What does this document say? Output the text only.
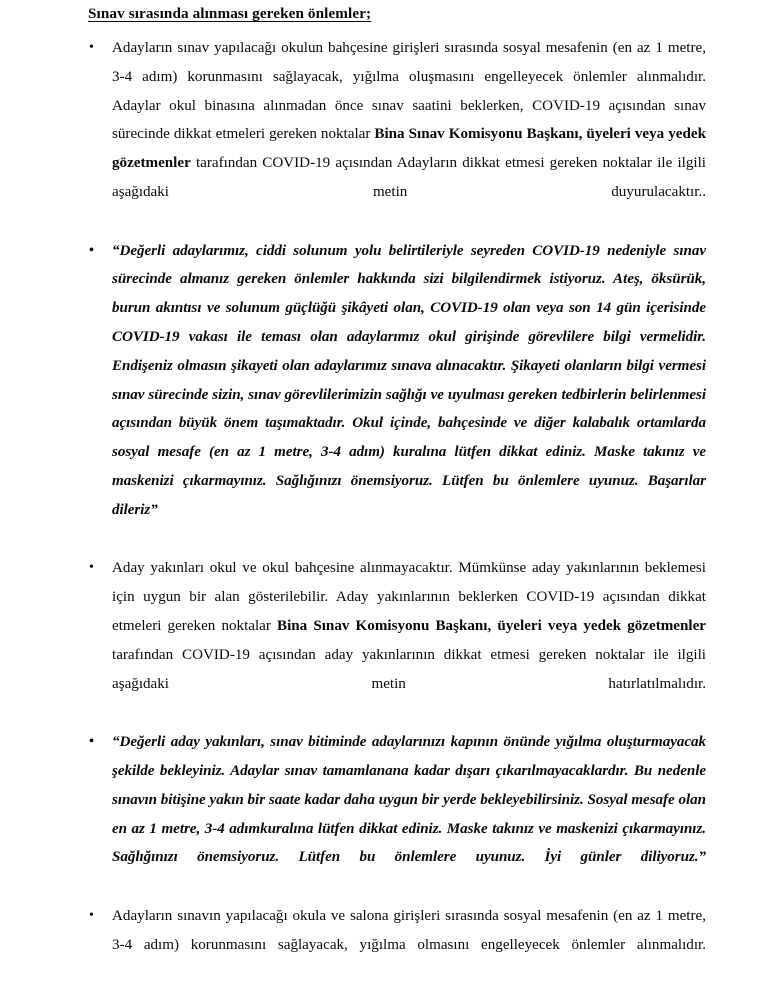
Sınav sırasında alınması gereken önlemler;
• Adayların sınav yapılacağı okulun bahçesine girişleri sırasında sosyal mesafenin (en az 1 metre, 3-4 adım) korunmasını sağlayacak, yığılma oluşmasını engelleyecek önlemler alınmalıdır. Adaylar okul binasına alınmadan önce sınav saatini beklerken, COVID-19 açısından sınav sürecinde dikkat etmeleri gereken noktalar Bina Sınav Komisyonu Başkanı, üyeleri veya yedek gözetmenler tarafından COVID-19 açısından Adayların dikkat etmesi gereken noktalar ile ilgili aşağıdaki metin duyurulacaktır..
• “Değerli adaylarımız, ciddi solunum yolu belirtileriyle seyreden COVID-19 nedeniyle sınav sürecinde almanız gereken önlemler hakkında sizi bilgilendirmek istiyoruz. Ateş, öksürük, burun akıntısı ve solunum güçlüğü şikâyeti olan, COVID-19 olan veya son 14 gün içerisinde COVID-19 vakası ile teması olan adaylarımız okul girişinde görevlilere bilgi vermelidir. Endişeniz olmasın şikayeti olan adaylarımız sınava alınacaktır. Şikayeti olanların bilgi vermesi sınav sürecinde sizin, sınav görevlilerimizin sağlığı ve uyulması gereken tedbirlerin belirlenmesi açısından büyük önem taşımaktadır. Okul içinde, bahçesinde ve diğer kalabalık ortamlarda sosyal mesafe (en az 1 metre, 3-4 adım) kuralına lütfen dikkat ediniz. Maske takınız ve maskenizi çıkarmayınız. Sağlığınızı önemsiyoruz. Lütfen bu önlemlere uyunuz. Başarılar dileriz”
• Aday yakınları okul ve okul bahçesine alınmayacaktır. Mümkünse aday yakınlarının beklemesi için uygun bir alan gösterilebilir. Aday yakınlarının beklerken COVID-19 açısından dikkat etmeleri gereken noktalar Bina Sınav Komisyonu Başkanı, üyeleri veya yedek gözetmenler tarafından COVID-19 açısından aday yakınlarının dikkat etmesi gereken noktalar ile ilgili aşağıdaki metin hatırlatılmalıdır.
• “Değerli aday yakınları, sınav bitiminde adaylarınızı kapının önünde yığılma oluşturmayacak şekilde bekleyiniz. Adaylar sınav tamamlanana kadar dışarı çıkarılmayacaklardır. Bu nedenle sınavın bitişine yakın bir saate kadar daha uygun bir yerde bekleyebilirsiniz. Sosyal mesafe olan en az 1 metre, 3-4 adımkuralına lütfen dikkat ediniz. Maske takınız ve maskenizi çıkarmayınız. Sağlığınızı önemsiyoruz. Lütfen bu önlemlere uyunuz. İyi günler diliyoruz.”
• Adayların sınavın yapılacağı okula ve salona girişleri sırasında sosyal mesafenin (en az 1 metre, 3-4 adım) korunmasını sağlayacak, yığılma olmasını engelleyecek önlemler alınmalıdır.
